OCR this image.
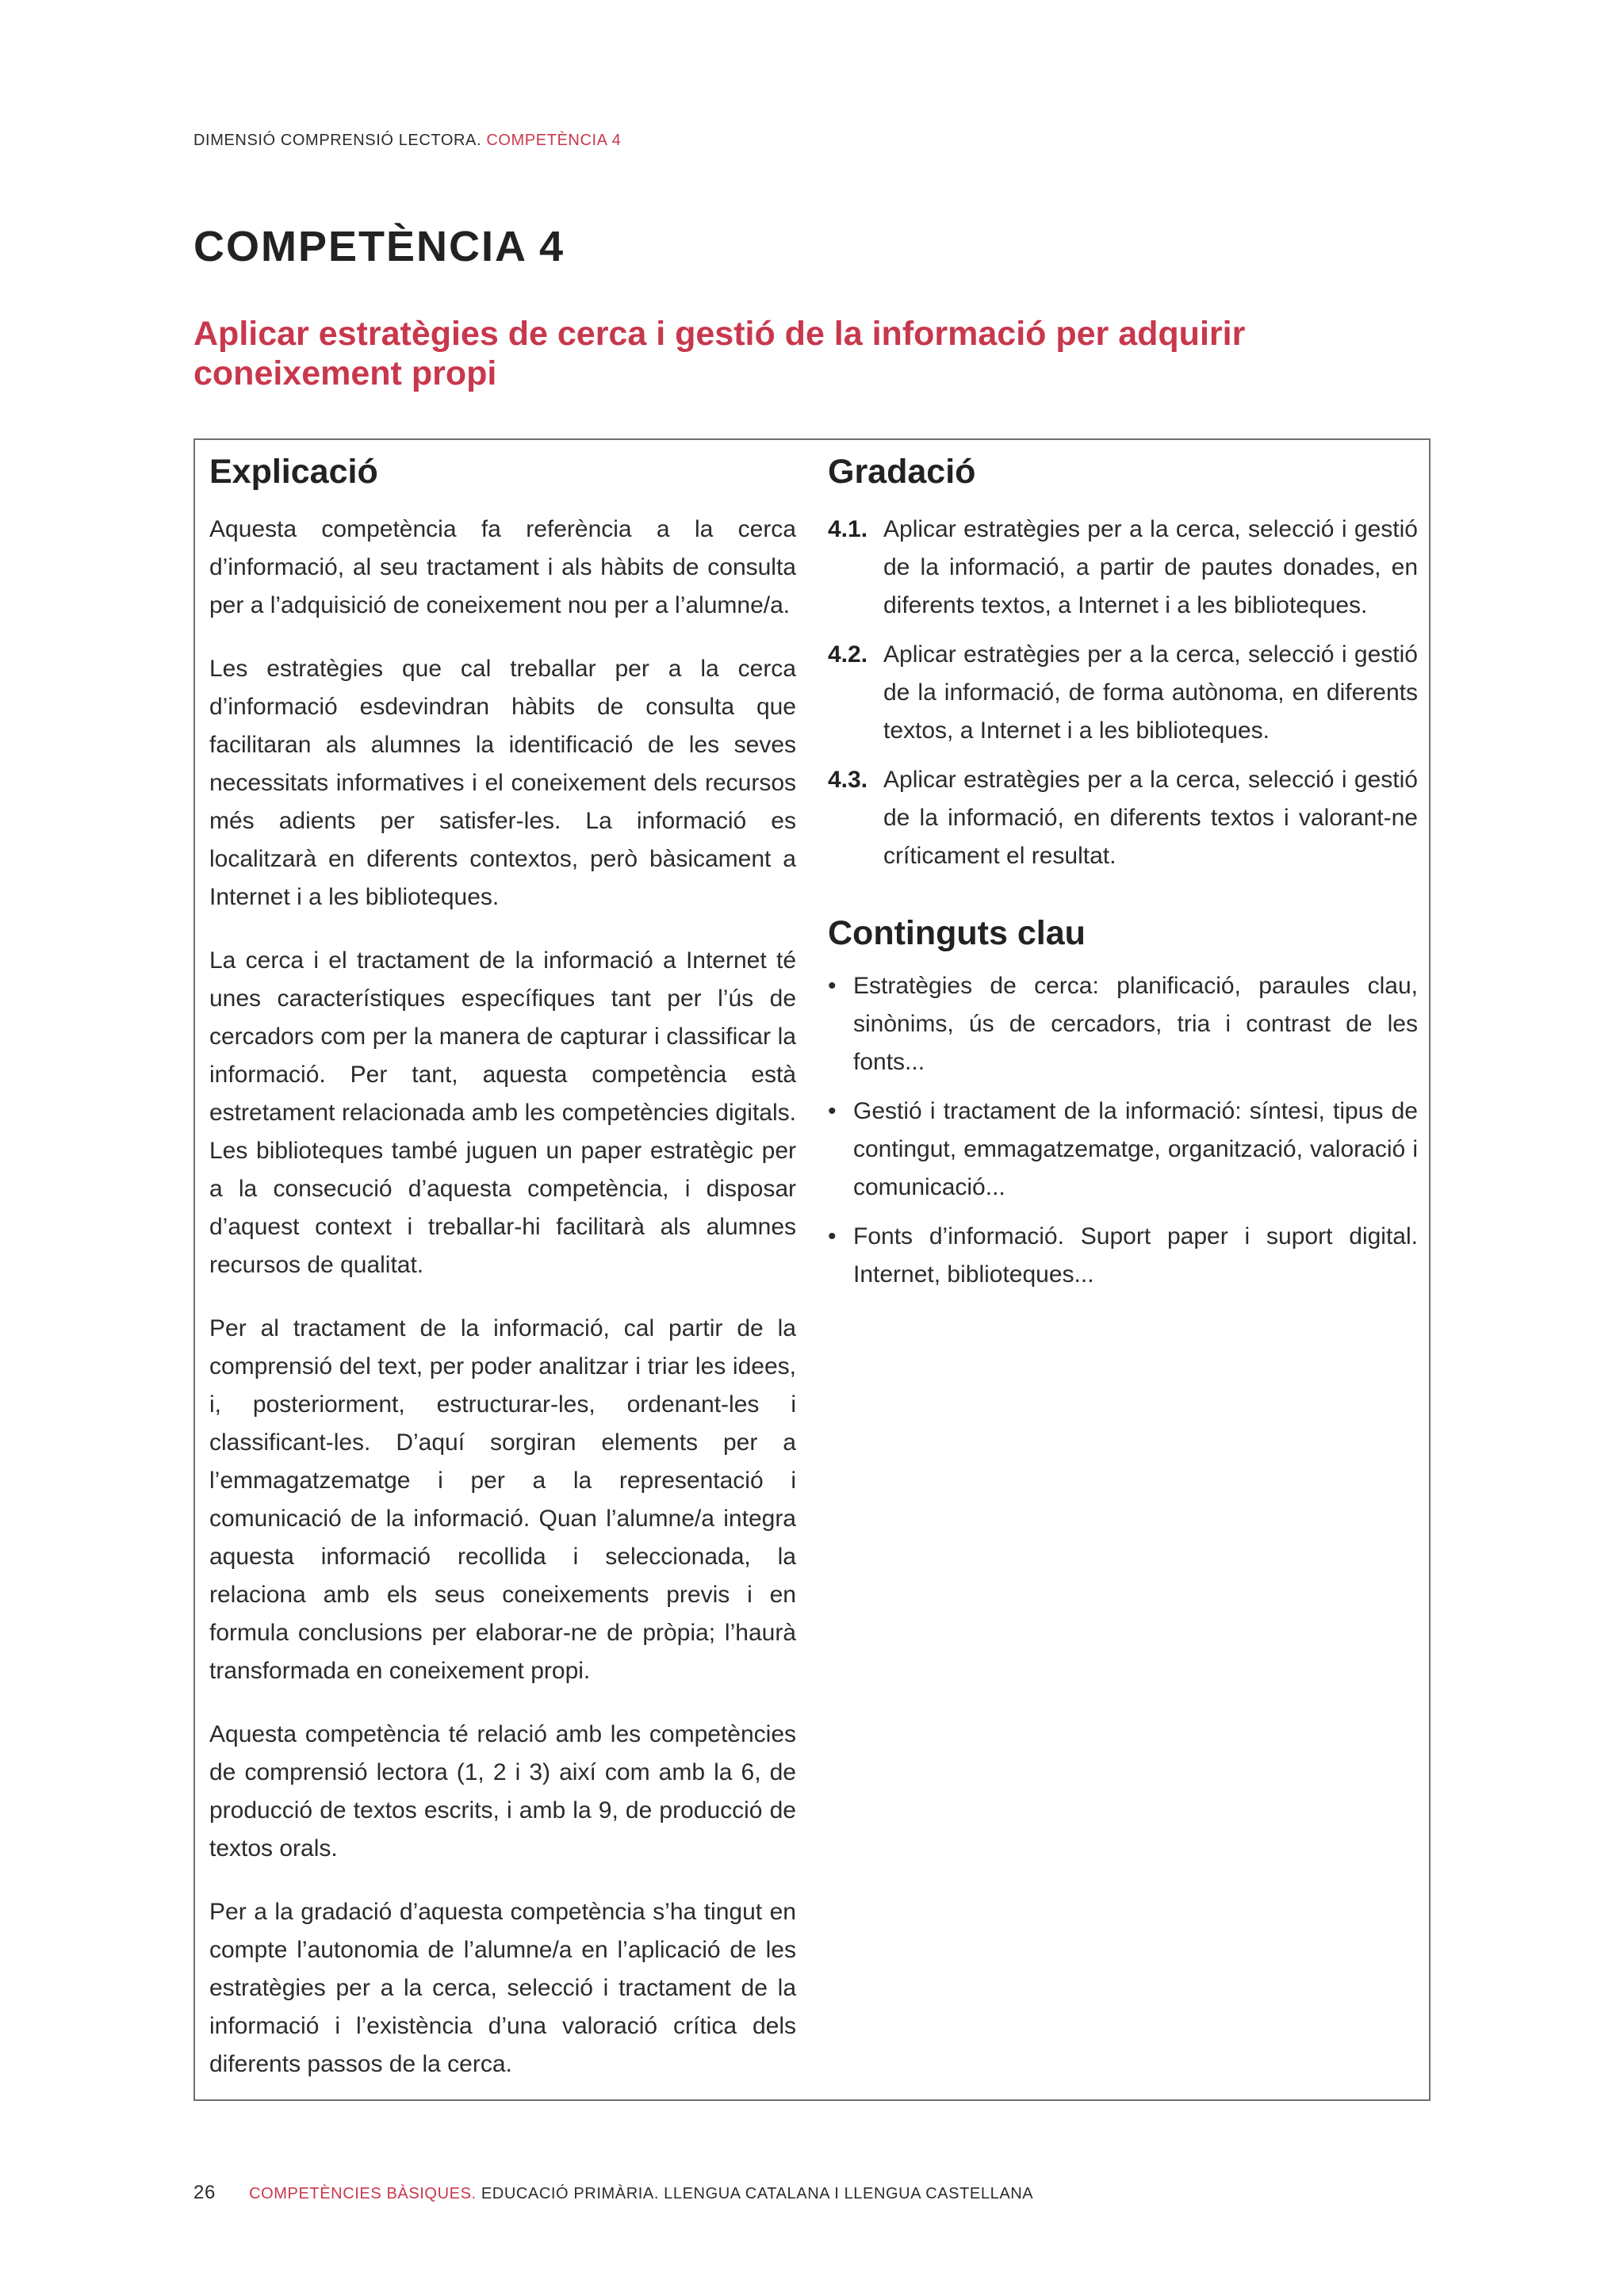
DIMENSIÓ COMPRENSIÓ LECTORA. COMPETÈNCIA 4
COMPETÈNCIA 4
Aplicar estratègies de cerca i gestió de la informació per adquirir
coneixement propi
Explicació

Aquesta competència fa referència a la cerca d’informació, al seu tractament i als hàbits de consulta per a l’adquisició de coneixement nou per a l’alumne/a.

Les estratègies que cal treballar per a la cerca d’informació esdevindran hàbits de consulta que facilitaran als alumnes la identificació de les seves necessitats informatives i el coneixement dels recursos més adients per satisfer-les. La informació es localitzarà en diferents contextos, però bàsicament a Internet i a les biblioteques.

La cerca i el tractament de la informació a Internet té unes característiques específiques tant per l’ús de cercadors com per la manera de capturar i classificar la informació. Per tant, aquesta competència està estretament relacionada amb les competències digitals. Les biblioteques també juguen un paper estratègic per a la consecució d’aquesta competència, i disposar d’aquest context i treballar-hi facilitarà als alumnes recursos de qualitat.

Per al tractament de la informació, cal partir de la comprensió del text, per poder analitzar i triar les idees, i, posteriorment, estructurar-les, ordenant-les i classificant-les. D’aquí sorgiran elements per a l’emmagatzematge i per a la representació i comunicació de la informació. Quan l’alumne/a integra aquesta informació recollida i seleccionada, la relaciona amb els seus coneixements previs i en formula conclusions per elaborar-ne de pròpia; l’haurà transformada en coneixement propi.

Aquesta competència té relació amb les competències de comprensió lectora (1, 2 i 3) així com amb la 6, de producció de textos escrits, i amb la 9, de producció de textos orals.

Per a la gradació d’aquesta competència s’ha tingut en compte l’autonomia de l’alumne/a en l’aplicació de les estratègies per a la cerca, selecció i tractament de la informació i l’existència d’una valoració crítica dels diferents passos de la cerca.

Gradació
4.1. Aplicar estratègies per a la cerca, selecció i gestió de la informació, a partir de pautes donades, en diferents textos, a Internet i a les biblioteques.
4.2. Aplicar estratègies per a la cerca, selecció i gestió de la informació, de forma autònoma, en diferents textos, a Internet i a les biblioteques.
4.3. Aplicar estratègies per a la cerca, selecció i gestió de la informació, en diferents textos i valorant-ne críticament el resultat.
Continguts clau
• Estratègies de cerca: planificació, paraules clau, sinònims, ús de cercadors, tria i contrast de les fonts...
• Gestió i tractament de la informació: síntesi, tipus de contingut, emmagatzematge, organització, valoració i comunicació...
• Fonts d’informació. Suport paper i suport digital. Internet, biblioteques...
26 COMPETÈNCIES BÀSIQUES. EDUCACIÓ PRIMÀRIA. LLENGUA CATALANA I LLENGUA CASTELLANA
